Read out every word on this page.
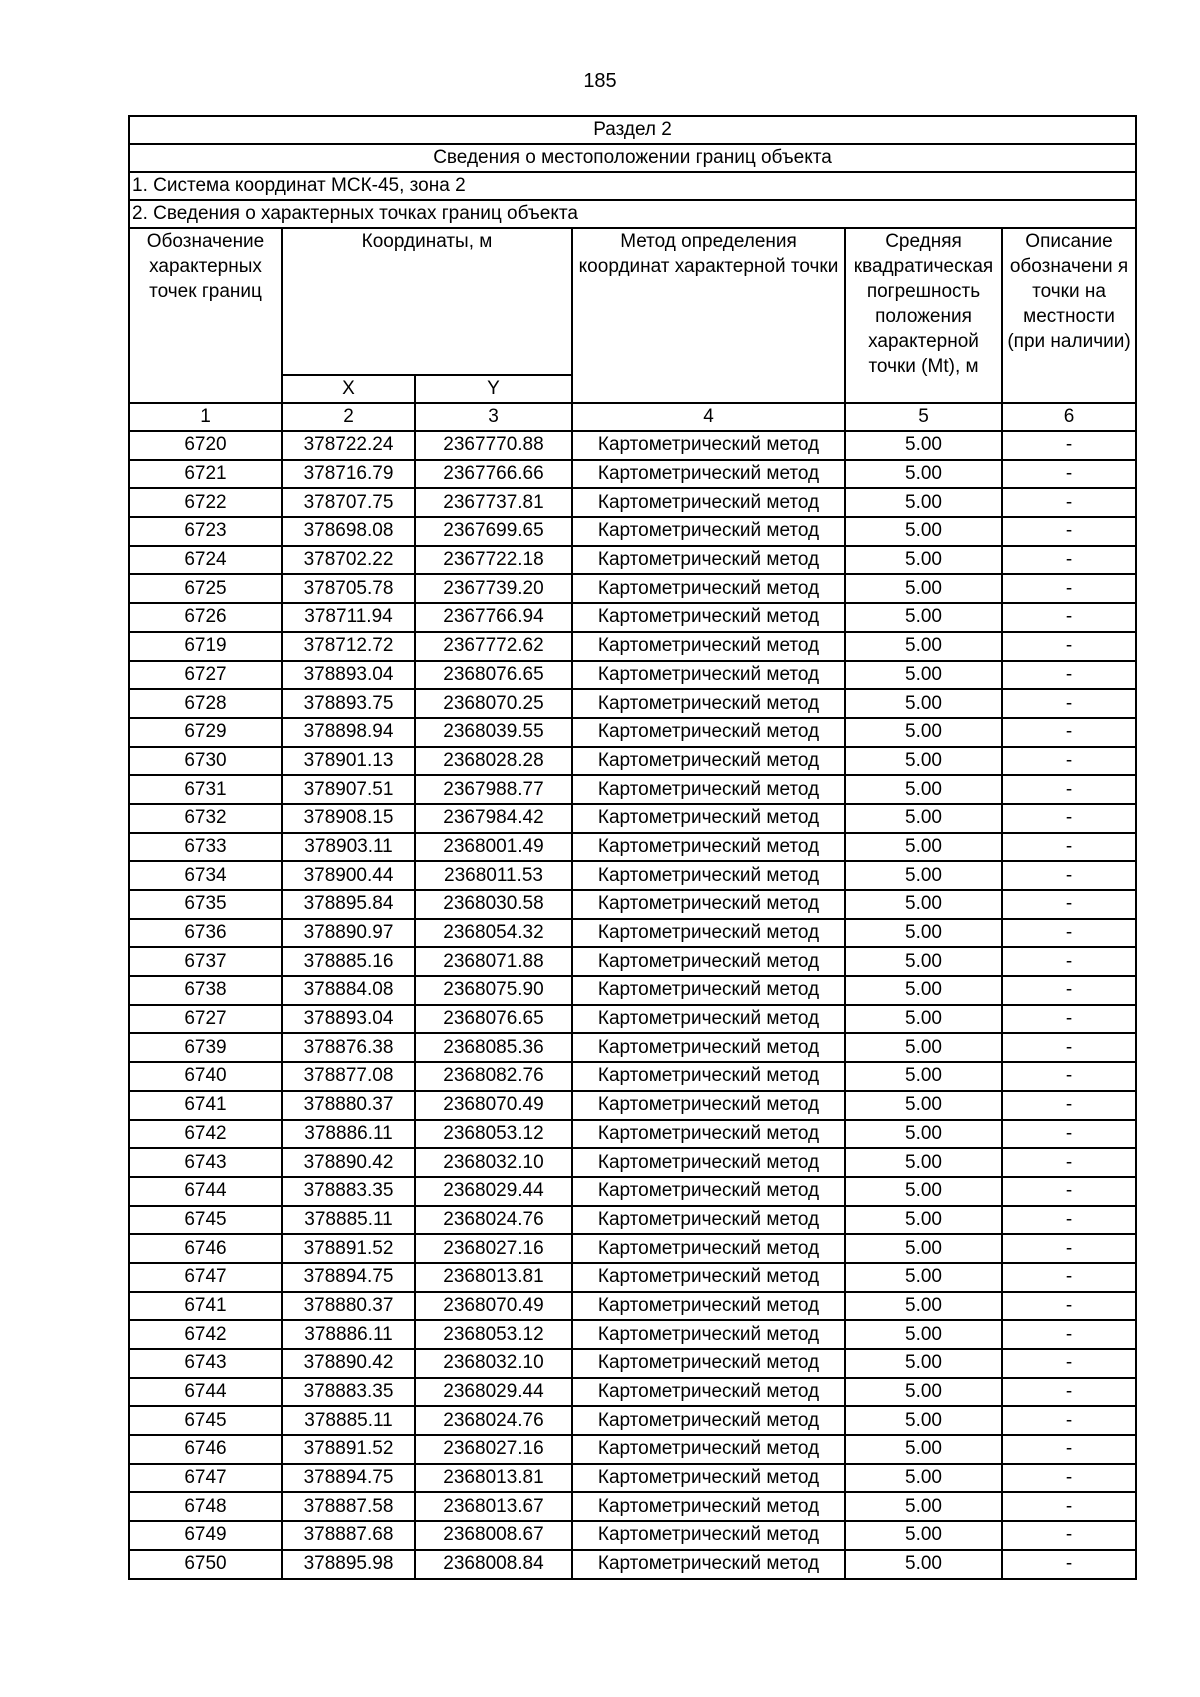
185
Раздел 2					
Сведения о местоположении границ объекта					
1. Система координат МСК-45, зона 2					
2. Сведения о характерных точках границ объекта					
Обозначение характерных точек границ	Координаты, м		Метод определения координат характерной точки	Средняя квадратическая погрешность положения характерной точки (Mt), м	Описание обозначени я точки на местности (при наличии)
	X	Y			
1	2	3	4	5	6
6720	378722.24	2367770.88	Картометрический метод	5.00	-
6721	378716.79	2367766.66	Картометрический метод	5.00	-
6722	378707.75	2367737.81	Картометрический метод	5.00	-
6723	378698.08	2367699.65	Картометрический метод	5.00	-
6724	378702.22	2367722.18	Картометрический метод	5.00	-
6725	378705.78	2367739.20	Картометрический метод	5.00	-
6726	378711.94	2367766.94	Картометрический метод	5.00	-
6719	378712.72	2367772.62	Картометрический метод	5.00	-
6727	378893.04	2368076.65	Картометрический метод	5.00	-
6728	378893.75	2368070.25	Картометрический метод	5.00	-
6729	378898.94	2368039.55	Картометрический метод	5.00	-
6730	378901.13	2368028.28	Картометрический метод	5.00	-
6731	378907.51	2367988.77	Картометрический метод	5.00	-
6732	378908.15	2367984.42	Картометрический метод	5.00	-
6733	378903.11	2368001.49	Картометрический метод	5.00	-
6734	378900.44	2368011.53	Картометрический метод	5.00	-
6735	378895.84	2368030.58	Картометрический метод	5.00	-
6736	378890.97	2368054.32	Картометрический метод	5.00	-
6737	378885.16	2368071.88	Картометрический метод	5.00	-
6738	378884.08	2368075.90	Картометрический метод	5.00	-
6727	378893.04	2368076.65	Картометрический метод	5.00	-
6739	378876.38	2368085.36	Картометрический метод	5.00	-
6740	378877.08	2368082.76	Картометрический метод	5.00	-
6741	378880.37	2368070.49	Картометрический метод	5.00	-
6742	378886.11	2368053.12	Картометрический метод	5.00	-
6743	378890.42	2368032.10	Картометрический метод	5.00	-
6744	378883.35	2368029.44	Картометрический метод	5.00	-
6745	378885.11	2368024.76	Картометрический метод	5.00	-
6746	378891.52	2368027.16	Картометрический метод	5.00	-
6747	378894.75	2368013.81	Картометрический метод	5.00	-
6741	378880.37	2368070.49	Картометрический метод	5.00	-
6742	378886.11	2368053.12	Картометрический метод	5.00	-
6743	378890.42	2368032.10	Картометрический метод	5.00	-
6744	378883.35	2368029.44	Картометрический метод	5.00	-
6745	378885.11	2368024.76	Картометрический метод	5.00	-
6746	378891.52	2368027.16	Картометрический метод	5.00	-
6747	378894.75	2368013.81	Картометрический метод	5.00	-
6748	378887.58	2368013.67	Картометрический метод	5.00	-
6749	378887.68	2368008.67	Картометрический метод	5.00	-
6750	378895.98	2368008.84	Картометрический метод	5.00	-
